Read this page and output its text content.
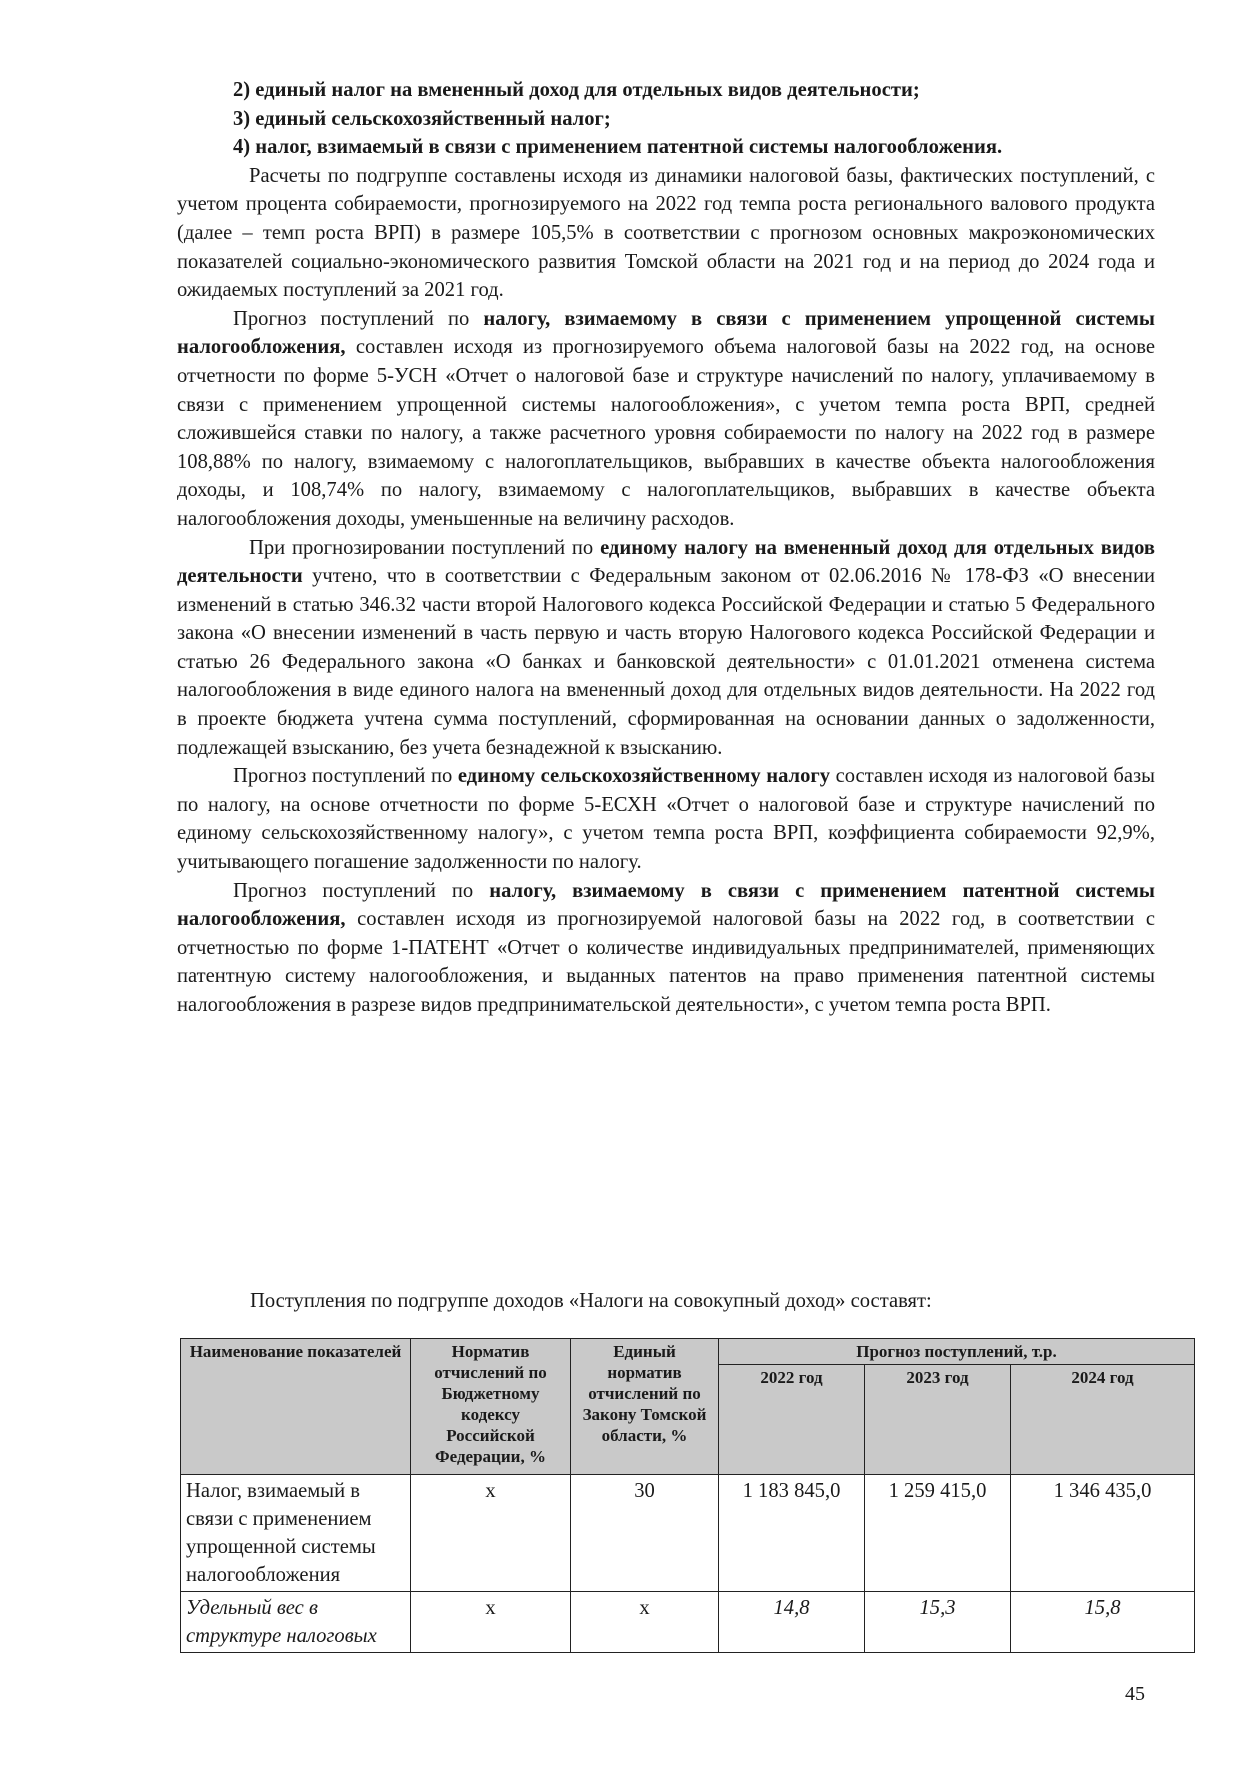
2) единый налог на вмененный доход для отдельных видов деятельности;

3) единый сельскохозяйственный налог;

4) налог, взимаемый в связи с применением патентной системы налогообложения.

Расчеты по подгруппе составлены исходя из динамики налоговой базы, фактических поступлений, с учетом процента собираемости, прогнозируемого на 2022 год темпа роста регионального валового продукта (далее – темп роста ВРП) в размере 105,5% в соответствии с прогнозом основных макроэкономических показателей социально-экономического развития Томской области на 2021 год и на период до 2024 года и ожидаемых поступлений за 2021 год.

Прогноз поступлений по налогу, взимаемому в связи с применением упрощенной системы налогообложения, составлен исходя из прогнозируемого объема налоговой базы на 2022 год, на основе отчетности по форме 5-УСН «Отчет о налоговой базе и структуре начислений по налогу, уплачиваемому в связи с применением упрощенной системы налогообложения», с учетом темпа роста ВРП, средней сложившейся ставки по налогу, а также расчетного уровня собираемости по налогу на 2022 год в размере 108,88% по налогу, взимаемому с налогоплательщиков, выбравших в качестве объекта налогообложения доходы, и 108,74% по налогу, взимаемому с налогоплательщиков, выбравших в качестве объекта налогообложения доходы, уменьшенные на величину расходов.

При прогнозировании поступлений по единому налогу на вмененный доход для отдельных видов деятельности учтено, что в соответствии с Федеральным законом от 02.06.2016 № 178-ФЗ «О внесении изменений в статью 346.32 части второй Налогового кодекса Российской Федерации и статью 5 Федерального закона «О внесении изменений в часть первую и часть вторую Налогового кодекса Российской Федерации и статью 26 Федерального закона «О банках и банковской деятельности» с 01.01.2021 отменена система налогообложения в виде единого налога на вмененный доход для отдельных видов деятельности. На 2022 год в проекте бюджета учтена сумма поступлений, сформированная на основании данных о задолженности, подлежащей взысканию, без учета безнадежной к взысканию.

Прогноз поступлений по единому сельскохозяйственному налогу составлен исходя из налоговой базы по налогу, на основе отчетности по форме 5-ЕСХН «Отчет о налоговой базе и структуре начислений по единому сельскохозяйственному налогу», с учетом темпа роста ВРП, коэффициента собираемости 92,9%, учитывающего погашение задолженности по налогу.

Прогноз поступлений по налогу, взимаемому в связи с применением патентной системы налогообложения, составлен исходя из прогнозируемой налоговой базы на 2022 год, в соответствии с отчетностью по форме 1-ПАТЕНТ «Отчет о количестве индивидуальных предпринимателей, применяющих патентную систему налогообложения, и выданных патентов на право применения патентной системы налогообложения в разрезе видов предпринимательской деятельности», с учетом темпа роста ВРП.

Поступления по подгруппе доходов «Налоги на совокупный доход» составят:
Наименование показателей	Норматив отчислений по Бюджетному кодексу Российской Федерации, %	Единый норматив отчислений по Закону Томской области, %	Прогноз поступлений, т.р.		
			2022 год	2023 год	2024 год
Налог, взимаемый в связи с применением упрощенной системы налогообложения	х	30	1 183 845,0	1 259 415,0	1 346 435,0
Удельный вес в структуре налоговых	х	х	14,8	15,3	15,8
45
